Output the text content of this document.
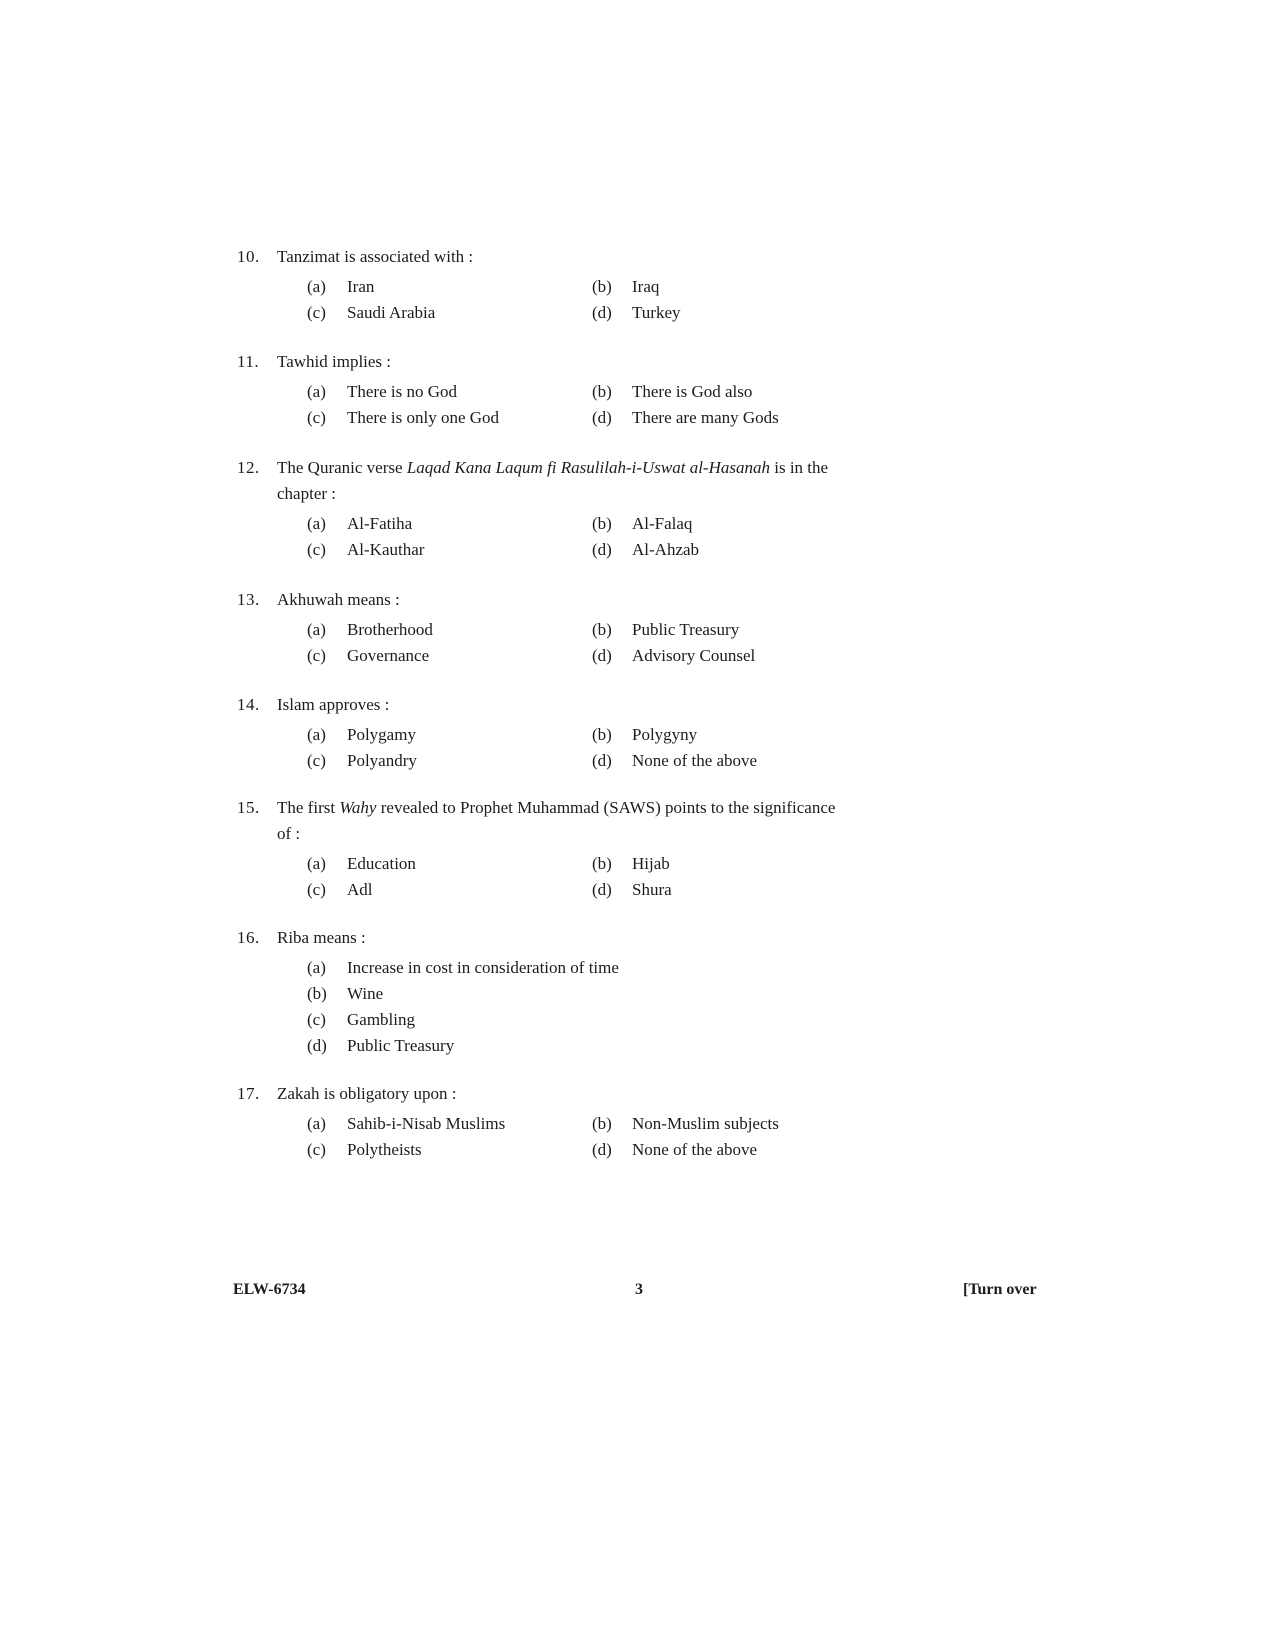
10.	Tanzimat is associated with :
(a)	Iran	(b)	Iraq
(c)	Saudi Arabia	(d)	Turkey
11.	Tawhid implies :
(a)	There is no God	(b)	There is God also
(c)	There is only one God	(d)	There are many Gods
12.	The Quranic verse Laqad Kana Laqum fi Rasulilah-i-Uswat al-Hasanah is in the
chapter :
(a)	Al-Fatiha	(b)	Al-Falaq
(c)	Al-Kauthar	(d)	Al-Ahzab
13.	Akhuwah means :
(a)	Brotherhood	(b)	Public Treasury
(c)	Governance	(d)	Advisory Counsel
14.	Islam approves :
(a)	Polygamy	(b)	Polygyny
(c)	Polyandry	(d)	None of the above
15.	The first Wahy revealed to Prophet Muhammad (SAWS) points to the significance
of :
(a)	Education	(b)	Hijab
(c)	Adl	(d)	Shura
16.	Riba means :
(a)	Increase in cost in consideration of time
(b)	Wine
(c)	Gambling
(d)	Public Treasury
17.	Zakah is obligatory upon :
(a)	Sahib-i-Nisab Muslims	(b)	Non-Muslim subjects
(c)	Polytheists	(d)	None of the above
ELW-6734	3	[Turn over
